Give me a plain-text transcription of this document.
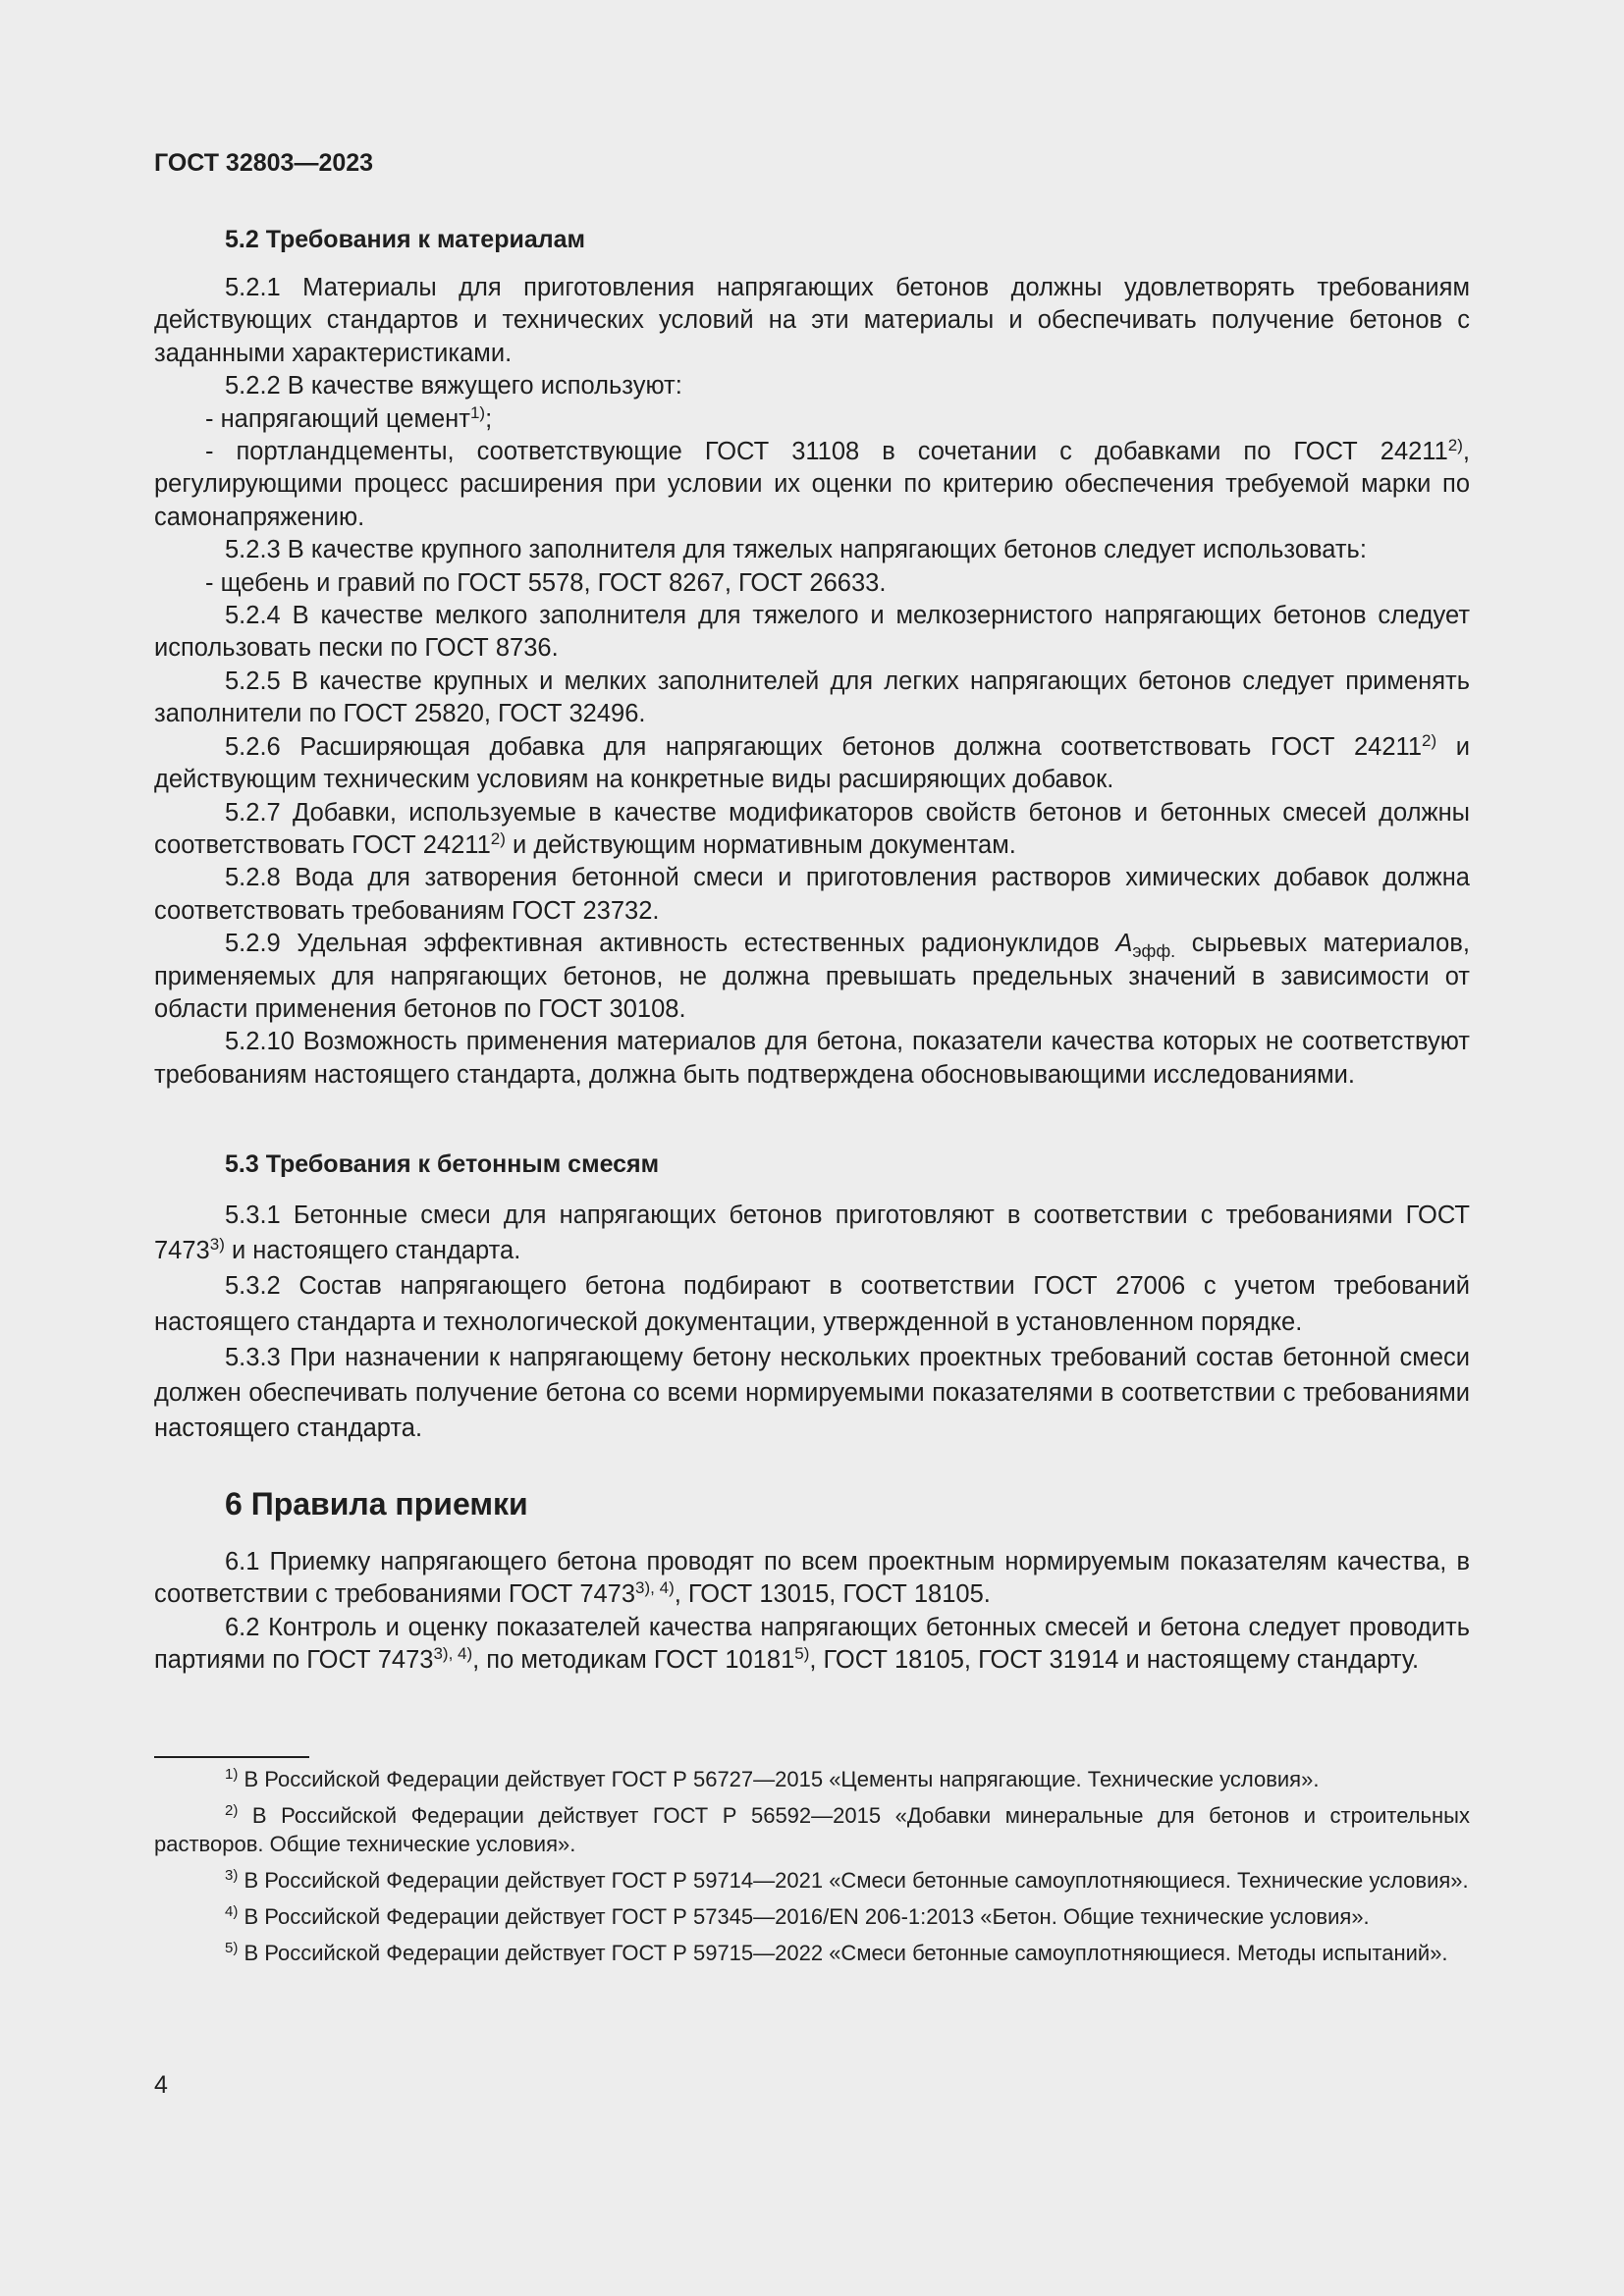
ГОСТ 32803—2023
5.2 Требования к материалам

5.2.1 Материалы для приготовления напрягающих бетонов должны удовлетворять требованиям действующих стандартов и технических условий на эти материалы и обеспечивать получение бетонов с заданными характеристиками.

5.2.2 В качестве вяжущего используют:

- напрягающий цемент$^{1)}$;

- портландцементы, соответствующие ГОСТ 31108 в сочетании с добавками по ГОСТ 24211$^{2)}$, регулирующими процесс расширения при условии их оценки по критерию обеспечения требуемой марки по самонапряжению.

5.2.3 В качестве крупного заполнителя для тяжелых напрягающих бетонов следует использовать:

- щебень и гравий по ГОСТ 5578, ГОСТ 8267, ГОСТ 26633.

5.2.4 В качестве мелкого заполнителя для тяжелого и мелкозернистого напрягающих бетонов следует использовать пески по ГОСТ 8736.

5.2.5 В качестве крупных и мелких заполнителей для легких напрягающих бетонов следует применять заполнители по ГОСТ 25820, ГОСТ 32496.

5.2.6 Расширяющая добавка для напрягающих бетонов должна соответствовать ГОСТ 24211$^{2)}$ и действующим техническим условиям на конкретные виды расширяющих добавок.

5.2.7 Добавки, используемые в качестве модификаторов свойств бетонов и бетонных смесей должны соответствовать ГОСТ 24211$^{2)}$ и действующим нормативным документам.

5.2.8 Вода для затворения бетонной смеси и приготовления растворов химических добавок должна соответствовать требованиям ГОСТ 23732.

5.2.9 Удельная эффективная активность естественных радионуклидов $A_{эфф.}$ сырьевых материалов, применяемых для напрягающих бетонов, не должна превышать предельных значений в зависимости от области применения бетонов по ГОСТ 30108.

5.2.10 Возможность применения материалов для бетона, показатели качества которых не соответствуют требованиям настоящего стандарта, должна быть подтверждена обосновывающими исследованиями.

5.3 Требования к бетонным смесям

5.3.1 Бетонные смеси для напрягающих бетонов приготовляют в соответствии с требованиями ГОСТ 7473$^{3)}$ и настоящего стандарта.

5.3.2 Состав напрягающего бетона подбирают в соответствии ГОСТ 27006 с учетом требований настоящего стандарта и технологической документации, утвержденной в установленном порядке.

5.3.3 При назначении к напрягающему бетону нескольких проектных требований состав бетонной смеси должен обеспечивать получение бетона со всеми нормируемыми показателями в соответствии с требованиями настоящего стандарта.

6 Правила приемки

6.1 Приемку напрягающего бетона проводят по всем проектным нормируемым показателям качества, в соответствии с требованиями ГОСТ $7473^{3), 4)}$, ГОСТ 13015, ГОСТ 18105.

6.2 Контроль и оценку показателей качества напрягающих бетонных смесей и бетона следует проводить партиями по ГОСТ $7473^{3), 4)}$, по методикам ГОСТ 10181$^{5)}$, ГОСТ 18105, ГОСТ 31914 и настоящему стандарту.

$^{1)}$ В Российской Федерации действует ГОСТ Р 56727—2015 «Цементы напрягающие. Технические условия».

$^{2)}$ В Российской Федерации действует ГОСТ Р 56592—2015 «Добавки минеральные для бетонов и строительных растворов. Общие технические условия».

$^{3)}$ В Российской Федерации действует ГОСТ Р 59714—2021 «Смеси бетонные самоуплотняющиеся. Технические условия».

$^{4)}$ В Российской Федерации действует ГОСТ Р 57345—2016/EN 206-1:2013 «Бетон. Общие технические условия».

$^{5)}$ В Российской Федерации действует ГОСТ Р 59715—2022 «Смеси бетонные самоуплотняющиеся. Методы испытаний».

4
